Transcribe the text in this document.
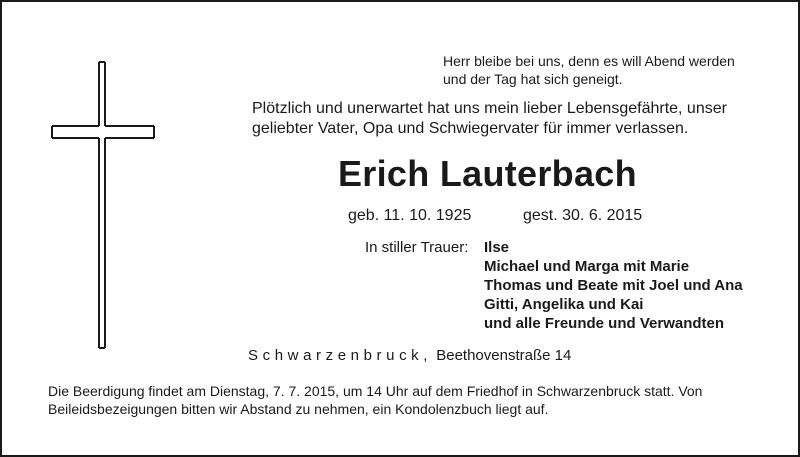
Herr bleibe bei uns, denn es will Abend werden
und der Tag hat sich geneigt.
Plötzlich und unerwartet hat uns mein lieber Lebensgefährte, unser
geliebter Vater, Opa und Schwiegervater für immer verlassen.
Erich Lauterbach
geb. 11. 10. 1925	gest. 30. 6. 2015
In stiller Trauer: Ilse
Michael und Marga mit Marie
Thomas und Beate mit Joel und Ana
Gitti, Angelika und Kai
und alle Freunde und Verwandten
Schwarzenbruck, Beethovenstraße 14
Die Beerdigung findet am Dienstag, 7. 7. 2015, um 14 Uhr auf dem Friedhof in Schwarzenbruck statt. Von
Beileidsbezeigungen bitten wir Abstand zu nehmen, ein Kondolenzbuch liegt auf.
